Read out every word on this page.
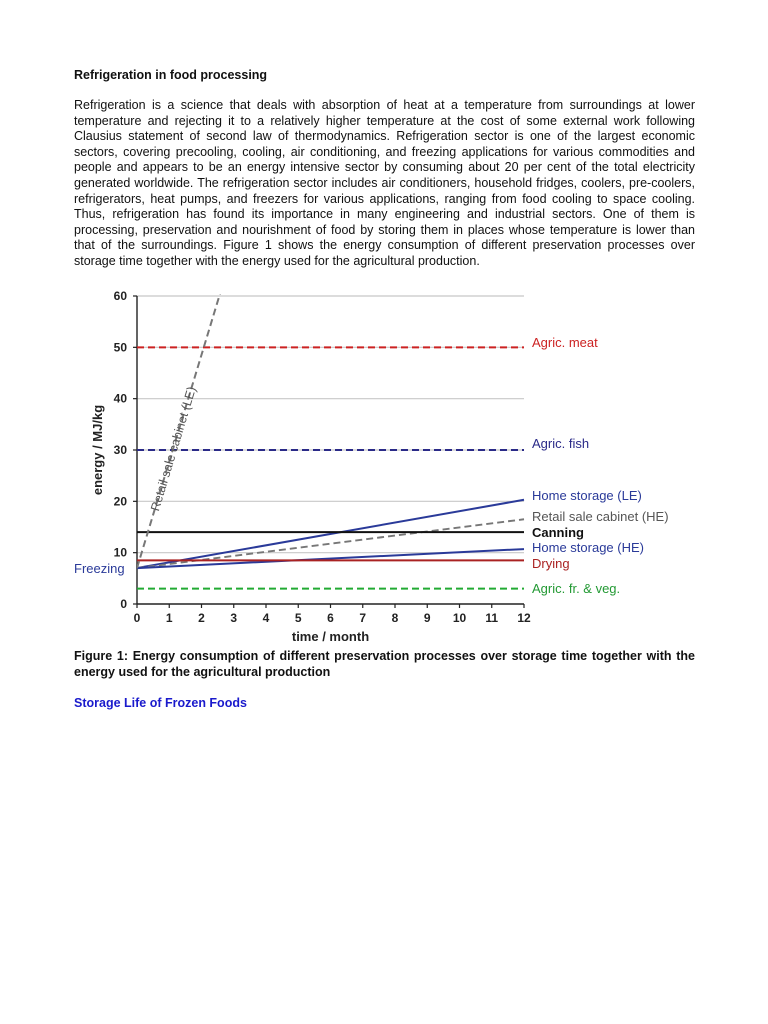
Refrigeration in food processing

Refrigeration is a science that deals with absorption of heat at a temperature from surroundings at lower temperature and rejecting it to a relatively higher temperature at the cost of some external work following Clausius statement of second law of thermodynamics. Refrigeration sector is one of the largest economic sectors, covering precooling, cooling, air conditioning, and freezing applications for various commodities and people and appears to be an energy intensive sector by consuming about 20 per cent of the total electricity generated worldwide. The refrigeration sector includes air conditioners, household fridges, coolers, pre-coolers, refrigerators, heat pumps, and freezers for various applications, ranging from food cooling to space cooling. Thus, refrigeration has found its importance in many engineering and industrial sectors. One of them is processing, preservation and nourishment of food by storing them in places whose temperature is lower than that of the surroundings. Figure 1 shows the energy consumption of different preservation processes over storage time together with the energy used for the agricultural production.

0
10
20
30
40
50
60
0 1 2 3 4 5 6 7 8 9 10 11 12
time / month
energy / MJ/kg
Agric. meat
Agric. fish
Home storage (LE)
Retail sale cabinet (HE)
Canning
Home storage (HE)
Drying
Agric. fr. & veg.
Retail sale cabinet (LE)
Freezing

Figure 1: Energy consumption of different preservation processes over storage time together with the energy used for the agricultural production

Storage Life of Frozen Foods
